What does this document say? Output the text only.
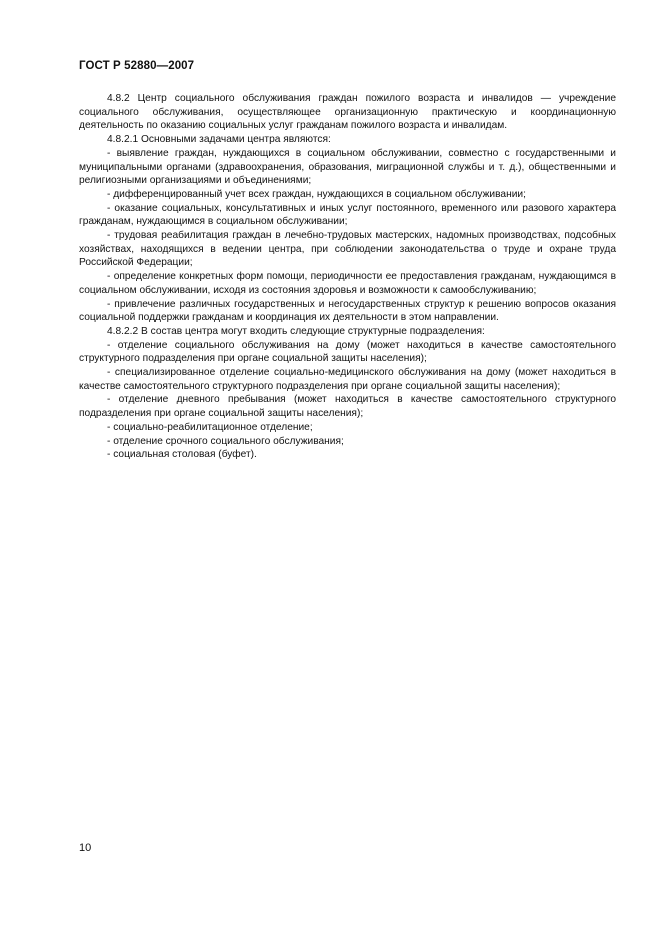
ГОСТ Р 52880—2007

4.8.2 Центр социального обслуживания граждан пожилого возраста и инвалидов — учреждение социального обслуживания, осуществляющее организационную практическую и координационную деятельность по оказанию социальных услуг гражданам пожилого возраста и инвалидам.

4.8.2.1 Основными задачами центра являются:

- выявление граждан, нуждающихся в социальном обслуживании, совместно с государственными и муниципальными органами (здравоохранения, образования, миграционной службы и т. д.), общественными и религиозными организациями и объединениями;

- дифференцированный учет всех граждан, нуждающихся в социальном обслуживании;

- оказание социальных, консультативных и иных услуг постоянного, временного или разового характера гражданам, нуждающимся в социальном обслуживании;

- трудовая реабилитация граждан в лечебно-трудовых мастерских, надомных производствах, подсобных хозяйствах, находящихся в ведении центра, при соблюдении законодательства о труде и охране труда Российской Федерации;

- определение конкретных форм помощи, периодичности ее предоставления гражданам, нуждающимся в социальном обслуживании, исходя из состояния здоровья и возможности к самообслуживанию;

- привлечение различных государственных и негосударственных структур к решению вопросов оказания социальной поддержки гражданам и координация их деятельности в этом направлении.

4.8.2.2 В состав центра могут входить следующие структурные подразделения:

- отделение социального обслуживания на дому (может находиться в качестве самостоятельного структурного подразделения при органе социальной защиты населения);

- специализированное отделение социально-медицинского обслуживания на дому (может находиться в качестве самостоятельного структурного подразделения при органе социальной защиты населения);

- отделение дневного пребывания (может находиться в качестве самостоятельного структурного подразделения при органе социальной защиты населения);

- социально-реабилитационное отделение;

- отделение срочного социального обслуживания;

- социальная столовая (буфет).

10
